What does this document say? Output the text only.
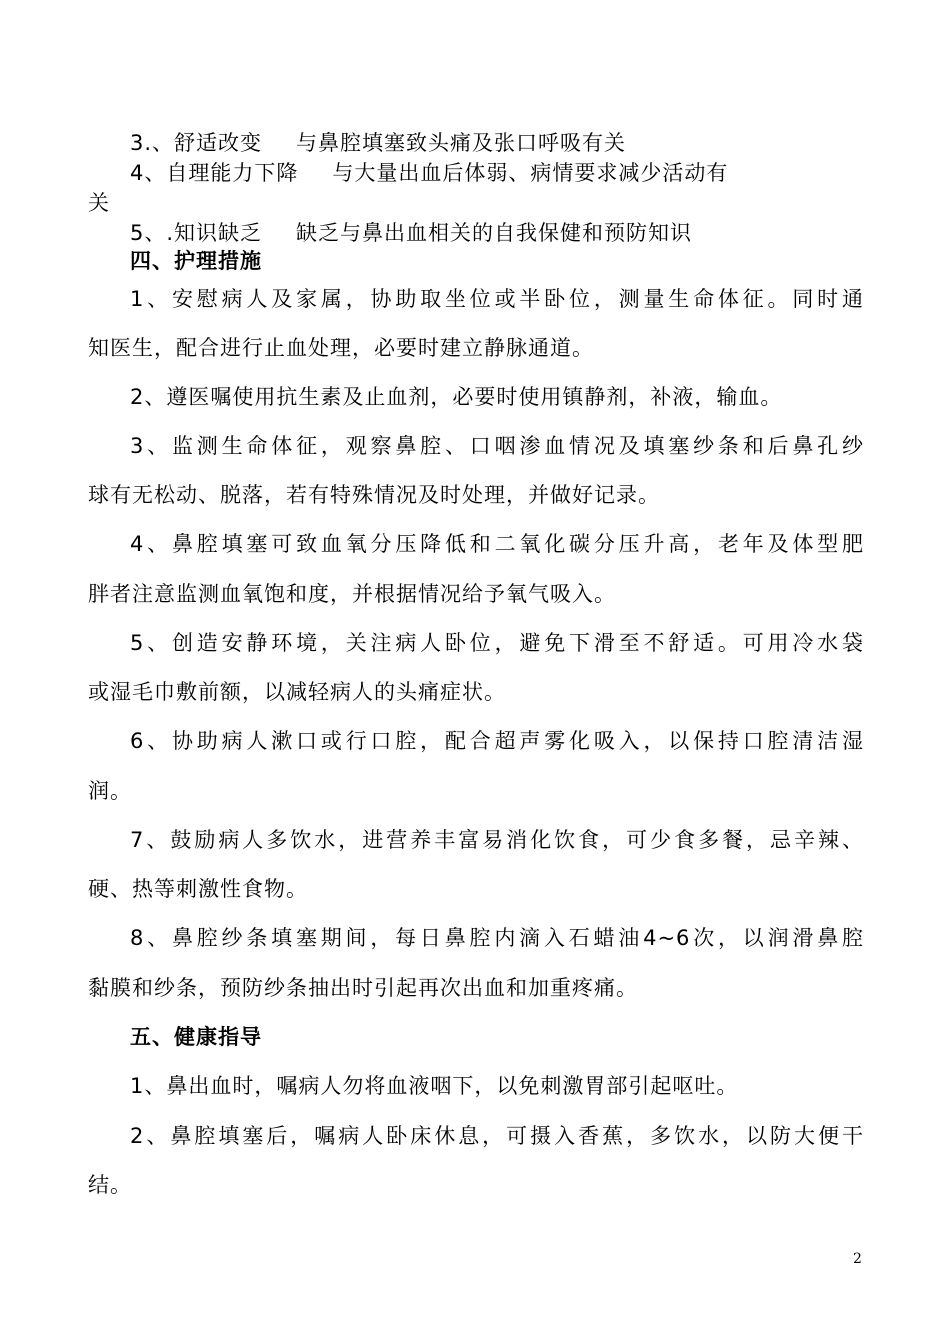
3.、舒适改变 与鼻腔填塞致头痛及张口呼吸有关
4、自理能力下降 与大量出血后体弱、病情要求减少活动有
关
5、.知识缺乏 缺乏与鼻出血相关的自我保健和预防知识
四、护理措施
1、安慰病人及家属，协助取坐位或半卧位，测量生命体征。同时通
知医生，配合进行止血处理，必要时建立静脉通道。
2、遵医嘱使用抗生素及止血剂，必要时使用镇静剂，补液，输血。
3、监测生命体征，观察鼻腔、口咽渗血情况及填塞纱条和后鼻孔纱
球有无松动、脱落，若有特殊情况及时处理，并做好记录。
4、鼻腔填塞可致血氧分压降低和二氧化碳分压升高，老年及体型肥
胖者注意监测血氧饱和度，并根据情况给予氧气吸入。
5、创造安静环境，关注病人卧位，避免下滑至不舒适。可用冷水袋
或湿毛巾敷前额，以减轻病人的头痛症状。
6、协助病人漱口或行口腔，配合超声雾化吸入，以保持口腔清洁湿
润。
7、鼓励病人多饮水，进营养丰富易消化饮食，可少食多餐，忌辛辣、
硬、热等刺激性食物。
8、鼻腔纱条填塞期间，每日鼻腔内滴入石蜡油4~6次，以润滑鼻腔
黏膜和纱条，预防纱条抽出时引起再次出血和加重疼痛。
五、健康指导
1、鼻出血时，嘱病人勿将血液咽下，以免刺激胃部引起呕吐。
2、鼻腔填塞后，嘱病人卧床休息，可摄入香蕉，多饮水，以防大便干
结。
2
